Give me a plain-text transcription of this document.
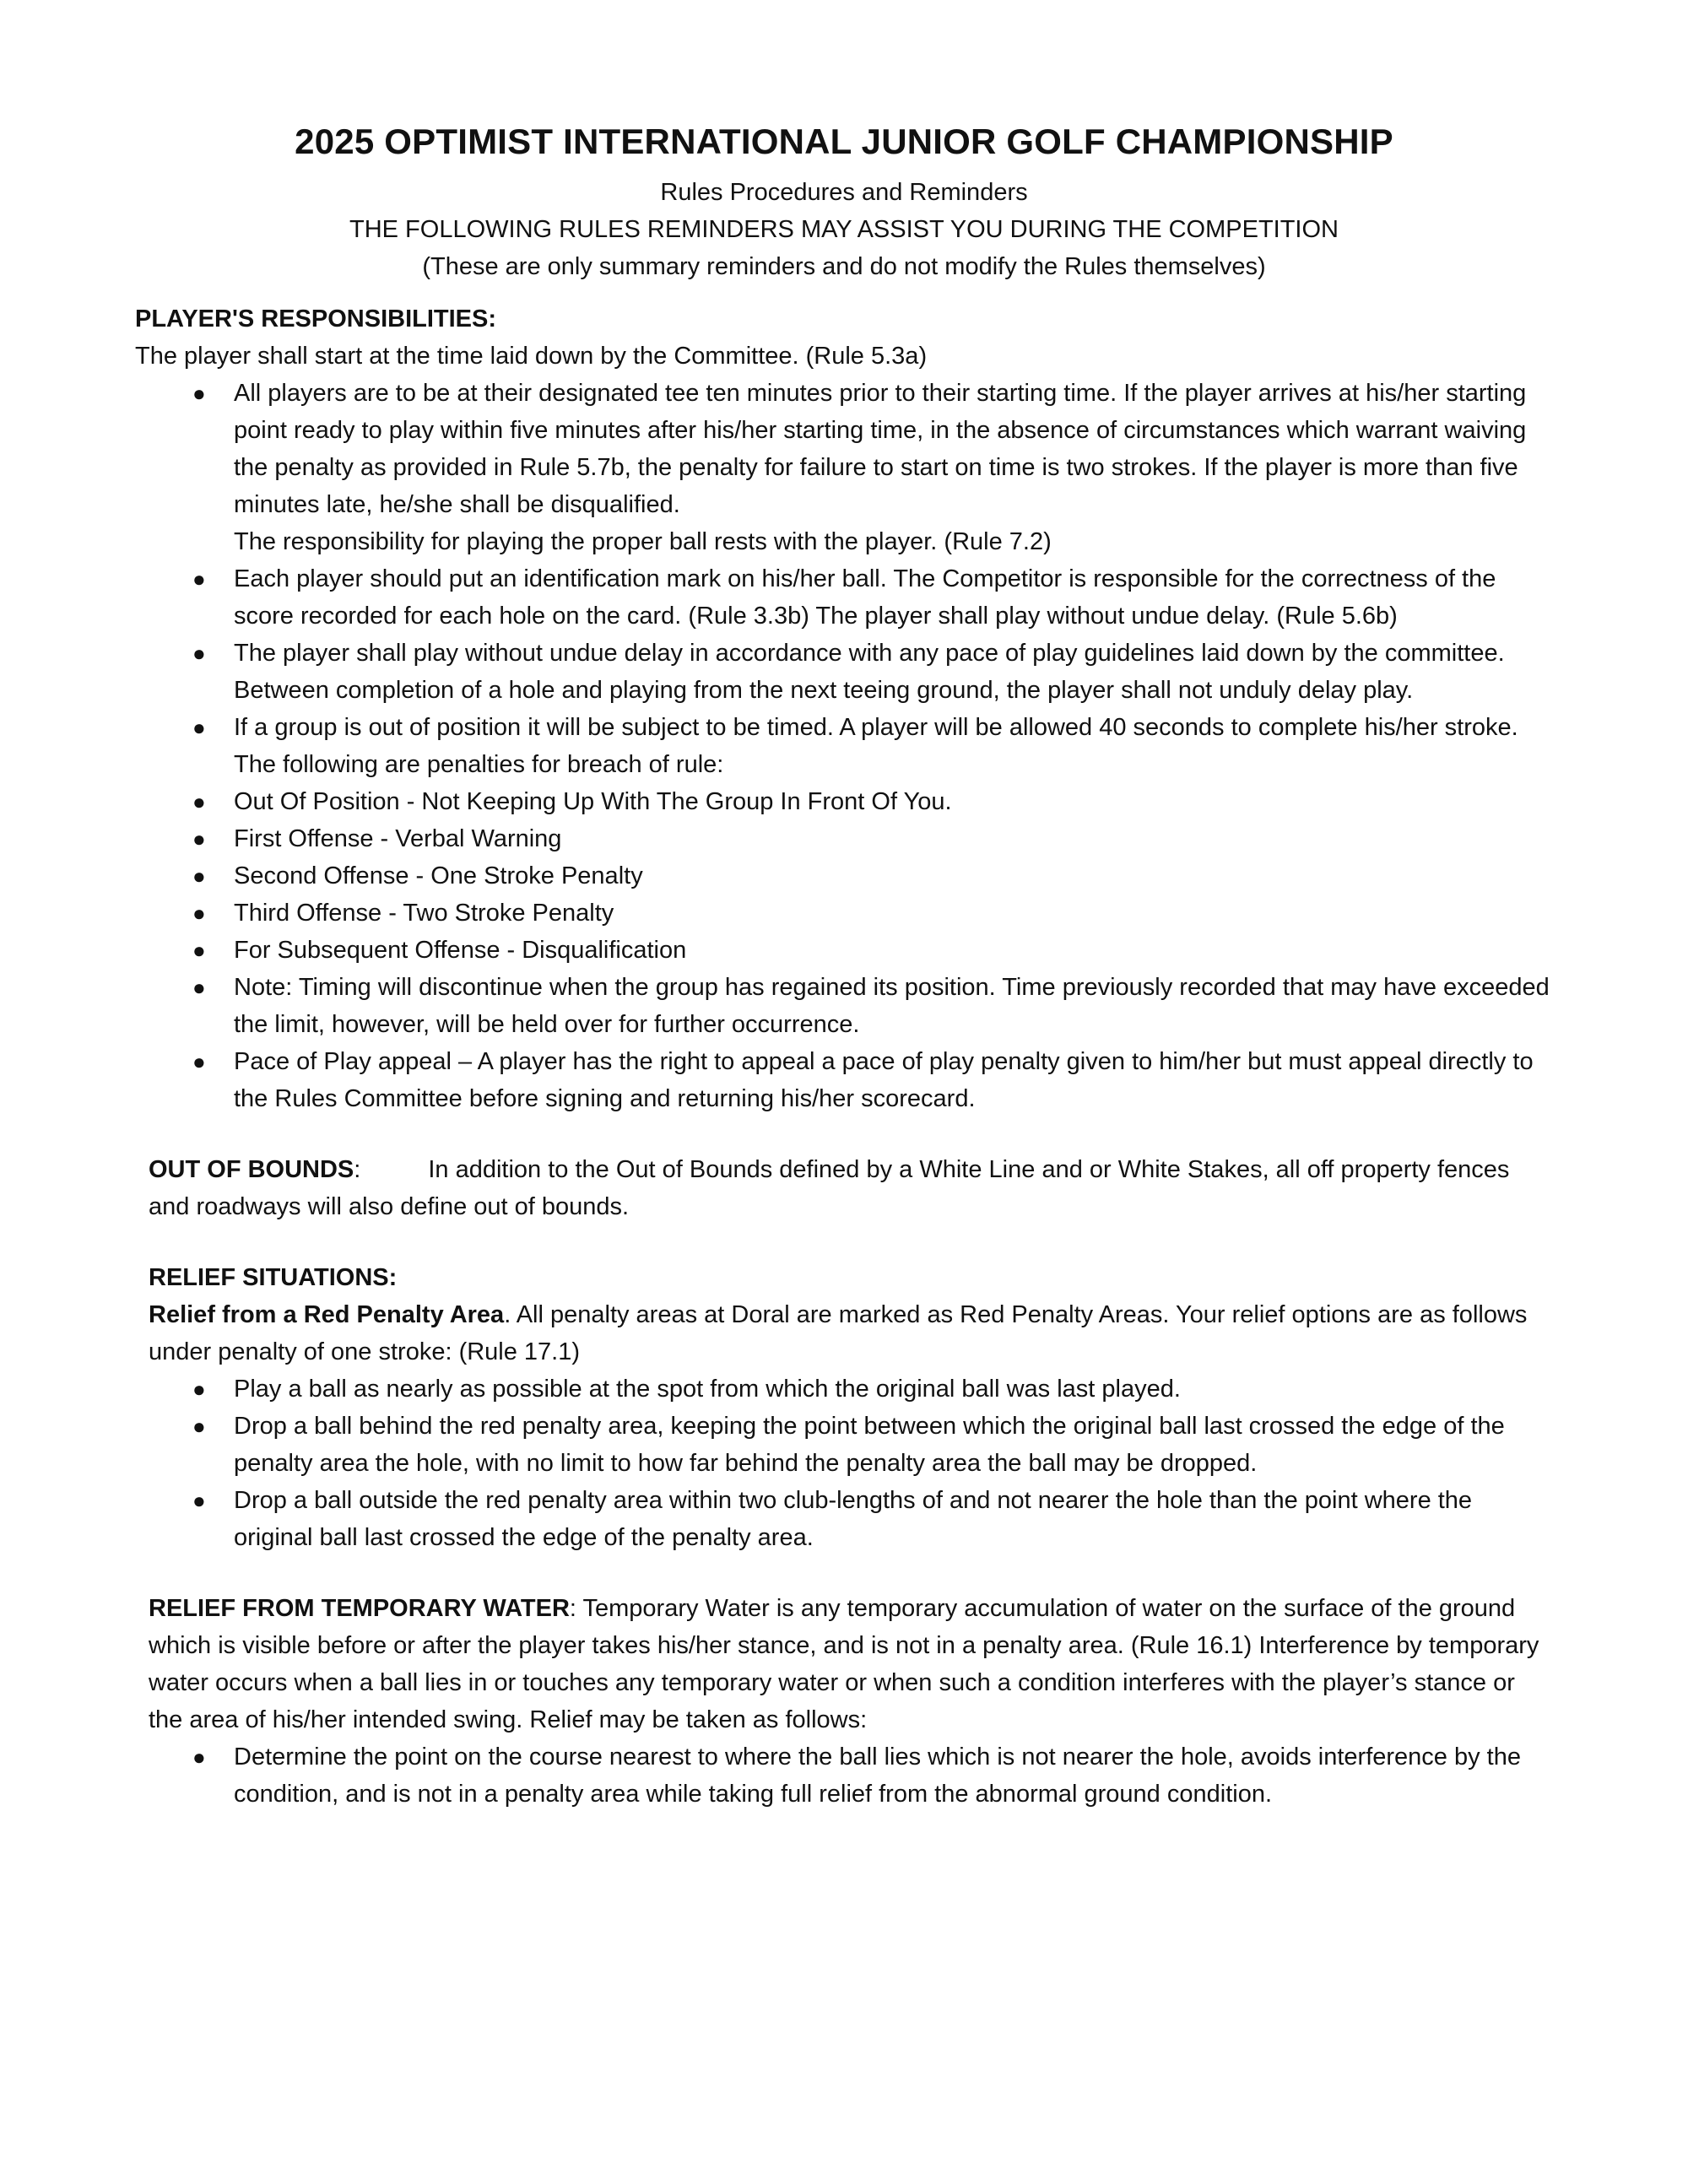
2025 OPTIMIST INTERNATIONAL JUNIOR GOLF CHAMPIONSHIP
Rules Procedures and Reminders
THE FOLLOWING RULES REMINDERS MAY ASSIST YOU DURING THE COMPETITION
(These are only summary reminders and do not modify the Rules themselves)
PLAYER'S RESPONSIBILITIES:
The player shall start at the time laid down by the Committee. (Rule 5.3a)
● All players are to be at their designated tee ten minutes prior to their starting time. If the player arrives at his/her starting point ready to play within five minutes after his/her starting time, in the absence of circumstances which warrant waiving the penalty as provided in Rule 5.7b, the penalty for failure to start on time is two strokes. If the player is more than five minutes late, he/she shall be disqualified.
The responsibility for playing the proper ball rests with the player. (Rule 7.2)
● Each player should put an identification mark on his/her ball. The Competitor is responsible for the correctness of the score recorded for each hole on the card. (Rule 3.3b) The player shall play without undue delay. (Rule 5.6b)
● The player shall play without undue delay in accordance with any pace of play guidelines laid down by the committee. Between completion of a hole and playing from the next teeing ground, the player shall not unduly delay play.
● If a group is out of position it will be subject to be timed. A player will be allowed 40 seconds to complete his/her stroke. The following are penalties for breach of rule:
● Out Of Position - Not Keeping Up With The Group In Front Of You.
● First Offense - Verbal Warning
● Second Offense - One Stroke Penalty
● Third Offense - Two Stroke Penalty
● For Subsequent Offense - Disqualification
● Note: Timing will discontinue when the group has regained its position. Time previously recorded that may have exceeded the limit, however, will be held over for further occurrence.
● Pace of Play appeal – A player has the right to appeal a pace of play penalty given to him/her but must appeal directly to the Rules Committee before signing and returning his/her scorecard.
OUT OF BOUNDS:	In addition to the Out of Bounds defined by a White Line and or White Stakes, all off property fences and roadways will also define out of bounds.
RELIEF SITUATIONS:
Relief from a Red Penalty Area. All penalty areas at Doral are marked as Red Penalty Areas. Your relief options are as follows under penalty of one stroke: (Rule 17.1)
● Play a ball as nearly as possible at the spot from which the original ball was last played.
● Drop a ball behind the red penalty area, keeping the point between which the original ball last crossed the edge of the penalty area the hole, with no limit to how far behind the penalty area the ball may be dropped.
● Drop a ball outside the red penalty area within two club-lengths of and not nearer the hole than the point where the original ball last crossed the edge of the penalty area.
RELIEF FROM TEMPORARY WATER: Temporary Water is any temporary accumulation of water on the surface of the ground which is visible before or after the player takes his/her stance, and is not in a penalty area. (Rule 16.1) Interference by temporary water occurs when a ball lies in or touches any temporary water or when such a condition interferes with the player’s stance or the area of his/her intended swing. Relief may be taken as follows:
● Determine the point on the course nearest to where the ball lies which is not nearer the hole, avoids interference by the condition, and is not in a penalty area while taking full relief from the abnormal ground condition.
